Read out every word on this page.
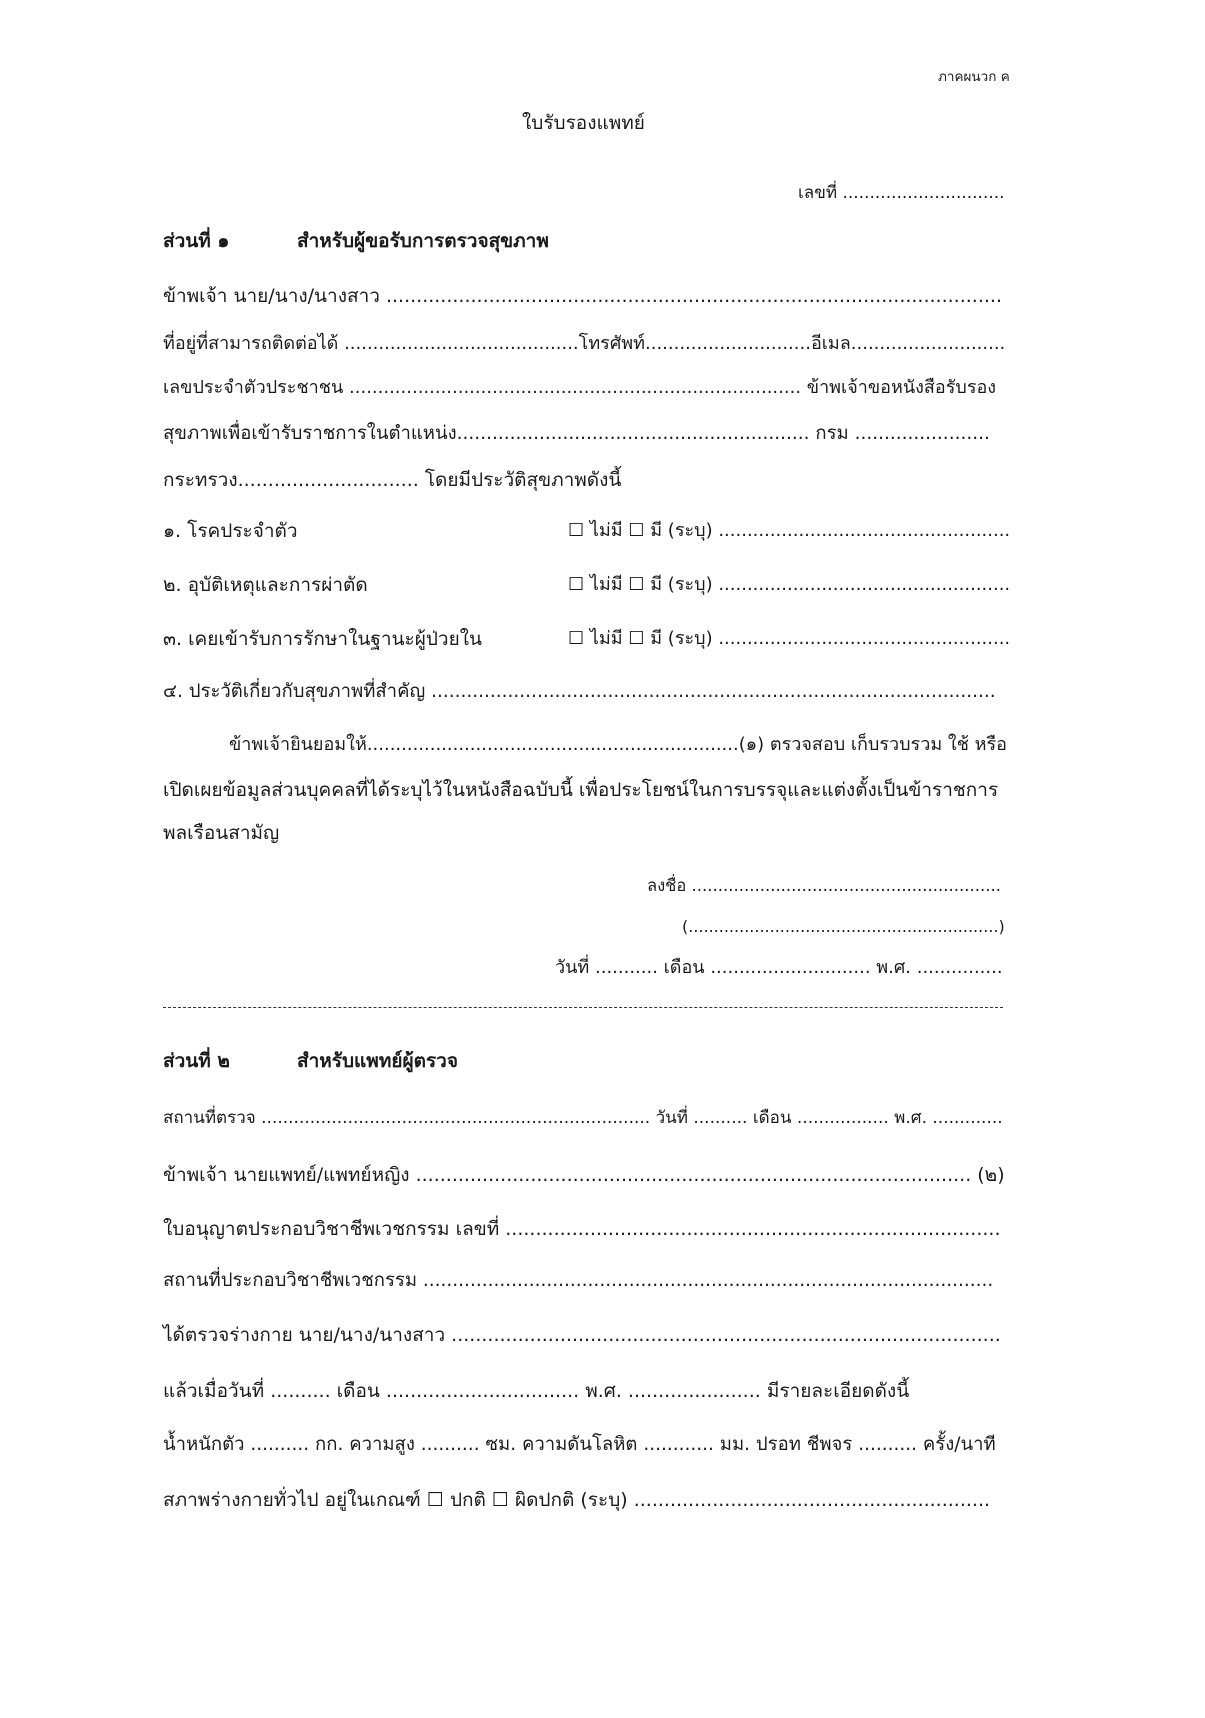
ภาคผนวก ค
ใบรับรองแพทย์
เลขที่ ..............................
ส่วนที่ ๑	สำหรับผู้ขอรับการตรวจสุขภาพ
ข้าพเจ้า นาย/นาง/นางสาว ......................................................................................................
ที่อยู่ที่สามารถติดต่อได้ .........................................โทรศัพท์.............................อีเมล...........................
เลขประจำตัวประชาชน ............................................................................... ข้าพเจ้าขอหนังสือรับรอง
สุขภาพเพื่อเข้ารับราชการในตำแหน่ง............................................................ กรม .......................
กระทรวง.............................. โดยมีประวัติสุขภาพดังนี้
๑. โรคประจำตัว	☐ ไม่มี ☐ มี (ระบุ) ...................................................
๒. อุบัติเหตุและการผ่าตัด	☐ ไม่มี ☐ มี (ระบุ) ...................................................
๓. เคยเข้ารับการรักษาในฐานะผู้ป่วยใน	☐ ไม่มี ☐ มี (ระบุ) ...................................................
๔. ประวัติเกี่ยวกับสุขภาพที่สำคัญ ................................................................................................
ข้าพเจ้ายินยอมให้.................................................................(๑) ตรวจสอบ เก็บรวบรวม ใช้ หรือ
เปิดเผยข้อมูลส่วนบุคคลที่ได้ระบุไว้ในหนังสือฉบับนี้ เพื่อประโยชน์ในการบรรจุและแต่งตั้งเป็นข้าราชการ
พลเรือนสามัญ
ลงชื่อ ...........................................................
(.............................................................)
วันที่ ........... เดือน ............................ พ.ศ. ...............
ส่วนที่ ๒	สำหรับแพทย์ผู้ตรวจ
สถานที่ตรวจ ........................................................................ วันที่ .......... เดือน ................. พ.ศ. .............
ข้าพเจ้า นายแพทย์/แพทย์หญิง ............................................................................................ (๒)
ใบอนุญาตประกอบวิชาชีพเวชกรรม เลขที่ ..................................................................................
สถานที่ประกอบวิชาชีพเวชกรรม .................................................................................................
ได้ตรวจร่างกาย นาย/นาง/นางสาว ...........................................................................................
แล้วเมื่อวันที่ .......... เดือน ................................ พ.ศ. ...................... มีรายละเอียดดังนี้
น้ำหนักตัว .......... กก. ความสูง .......... ซม. ความดันโลหิต ............ มม. ปรอท ชีพจร .......... ครั้ง/นาที
สภาพร่างกายทั่วไป อยู่ในเกณฑ์ ☐ ปกติ ☐ ผิดปกติ (ระบุ) ...........................................................
